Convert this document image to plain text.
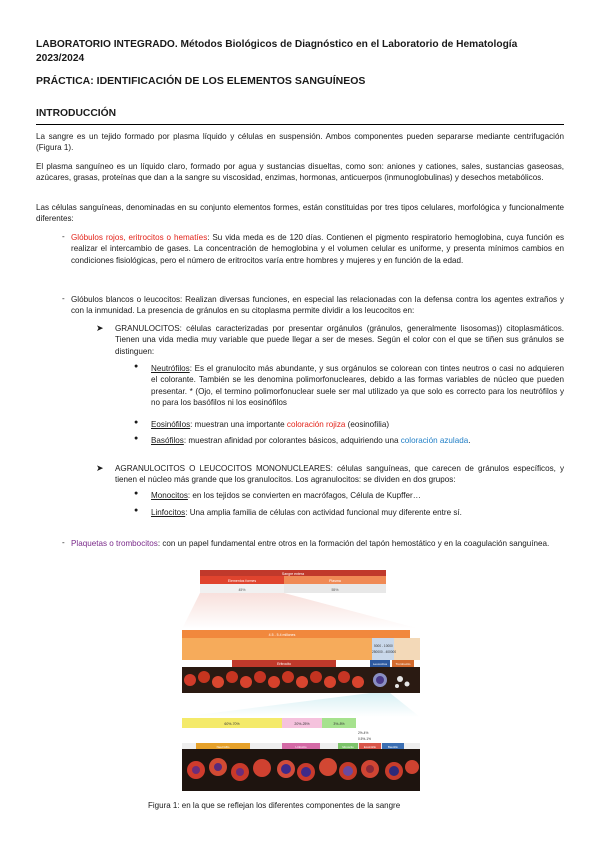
LABORATORIO INTEGRADO. Métodos Biológicos de Diagnóstico en el Laboratorio de Hematología
2023/2024
PRÁCTICA: IDENTIFICACIÓN DE LOS ELEMENTOS SANGUÍNEOS
INTRODUCCIÓN
La sangre es un tejido formado por plasma líquido y células en suspensión. Ambos componentes pueden separarse mediante centrifugación (Figura 1).
El plasma sanguíneo es un líquido claro, formado por agua y sustancias disueltas, como son: aniones y cationes, sales, sustancias gaseosas, azúcares, grasas, proteínas que dan a la sangre su viscosidad, enzimas, hormonas, anticuerpos (inmunoglobulinas) y desechos metabólicos.
Las células sanguíneas, denominadas en su conjunto elementos formes, están constituidas por tres tipos celulares, morfológica y funcionalmente diferentes:
- Glóbulos rojos, eritrocitos o hematíes: Su vida meda es de 120 días. Contienen el pigmento respiratorio hemoglobina, cuya función es realizar el intercambio de gases. La concentración de hemoglobina y el volumen celular es uniforme, y presenta mínimos cambios en condiciones fisiológicas, pero el número de eritrocitos varía entre hombres y mujeres y en función de la edad.
- Glóbulos blancos o leucocitos: Realizan diversas funciones, en especial las relacionadas con la defensa contra los agentes extraños y con la inmunidad. La presencia de gránulos en su citoplasma permite dividir a los leucocitos en:
➤ GRANULOCITOS: células caracterizadas por presentar orgánulos (gránulos, generalmente lisosomas)) citoplasmáticos. Tienen una vida media muy variable que puede llegar a ser de meses. Según el color con el que se tiñen sus gránulos se distinguen:
● Neutrófilos: Es el granulocito más abundante, y sus orgánulos se colorean con tintes neutros o casi no adquieren el colorante. También se les denomina polimorfonucleares, debido a las formas variables de núcleo que pueden presentar. * (Ojo, el termino polimorfonuclear suele ser mal utilizado ya que solo es correcto para los neutrófilos y no para los basófilos ni los eosinófilos
● Eosinófilos: muestran una importante coloración rojiza (eosinofilia)
● Basófilos: muestran afinidad por colorantes básicos, adquiriendo una coloración azulada.
➤ AGRANULOCITOS O LEUCOCITOS MONONUCLEARES: células sanguíneas, que carecen de gránulos específicos, y tienen el núcleo más grande que los granulocitos. Los agranulocitos: se dividen en dos grupos:
● Monocitos: en los tejidos se convierten en macrófagos, Célula de Kupffer…
● Linfocitos: Una amplia familia de células con actividad funcional muy diferente entre sí.
- Plaquetas o trombocitos: con un papel fundamental entre otros en la formación del tapón hemostático y en la coagulación sanguínea.
Sangre entera
Elementos formes	Plasma
45%	55%
4.5 - 5.4 millones
5000 - 10000
250000 - 400000
Eritrocito	Leucocitos	Trombocito
60%-70%	20%-25%	3%-8%
2%-4%
0.5%-1%
Neutrófilo	Linfocito	Monocito	Eosinófilo	Basófilo
Figura 1: en la que se reflejan los diferentes componentes de la sangre
